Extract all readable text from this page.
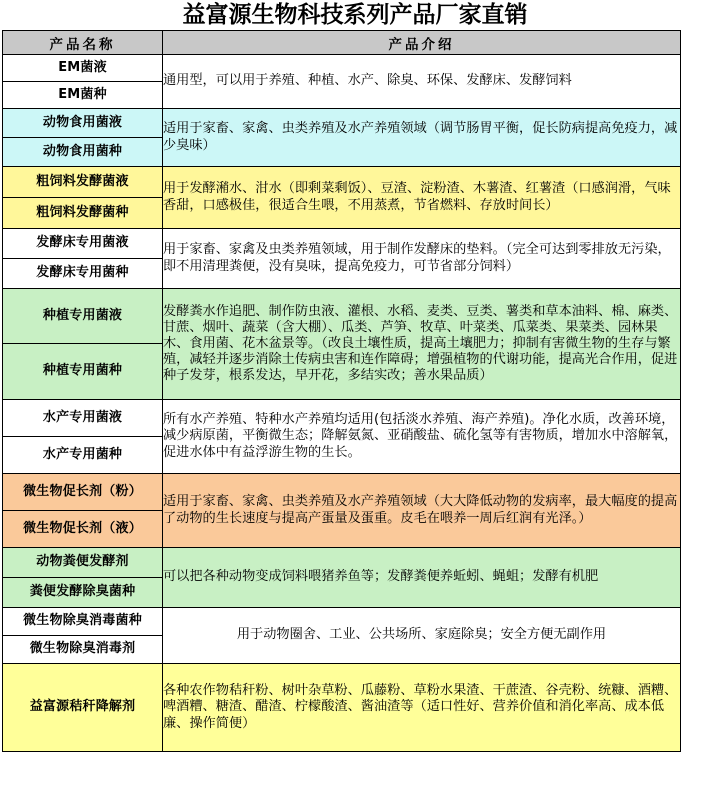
益富源生物科技系列产品厂家直销
产品名称	产品介绍
EM菌液	通用型，可以用于养殖、种植、水产、除臭、环保、发酵床、发酵饲料
EM菌种	
动物食用菌液	适用于家畜、家禽、虫类养殖及水产养殖领域（调节肠胃平衡，促长防病提高免疫力，减少臭味）
动物食用菌种	
粗饲料发酵菌液	用于发酵潲水、泔水（即剩菜剩饭）、豆渣、淀粉渣、木薯渣、红薯渣（口感润滑，气味香甜，口感极佳，很适合生喂，不用蒸煮，节省燃料、存放时间长）
粗饲料发酵菌种	
发酵床专用菌液	用于家畜、家禽及虫类养殖领域，用于制作发酵床的垫料。（完全可达到零排放无污染，即不用清理粪便，没有臭味，提高免疫力，可节省部分饲料）
发酵床专用菌种	
种植专用菌液	发酵粪水作追肥、制作防虫液、灌根、水稻、麦类、豆类、薯类和草本油料、棉、麻类、甘蔗、烟叶、蔬菜（含大棚）、瓜类、芦笋、牧草、叶菜类、瓜菜类、果菜类、园林果木、食用菌、花木盆景等。（改良土壤性质，提高土壤肥力；抑制有害微生物的生存与繁殖，减轻并逐步消除土传病虫害和连作障碍；增强植物的代谢功能，提高光合作用，促进种子发芽，根系发达，早开花，多结实改；善水果品质）
种植专用菌种	
水产专用菌液	所有水产养殖、特种水产养殖均适用(包括淡水养殖、海产养殖)。净化水质，改善环境，减少病原菌，平衡微生态；降解氨氮、亚硝酸盐、硫化氢等有害物质，增加水中溶解氧，促进水体中有益浮游生物的生长。
水产专用菌种	
微生物促长剂（粉）	适用于家畜、家禽、虫类养殖及水产养殖领域（大大降低动物的发病率，最大幅度的提高了动物的生长速度与提高产蛋量及蛋重。皮毛在喂养一周后红润有光泽。）
微生物促长剂（液）	
动物粪便发酵剂	可以把各种动物变成饲料喂猪养鱼等；发酵粪便养蚯蚓、蝇蛆；发酵有机肥
粪便发酵除臭菌种	
微生物除臭消毒菌种	用于动物圈舍、工业、公共场所、家庭除臭；安全方便无副作用
微生物除臭消毒剂	
益富源秸秆降解剂	各种农作物秸秆粉、树叶杂草粉、瓜藤粉、草粉水果渣、干蔗渣、谷壳粉、统糠、酒糟、啤酒糟、糖渣、醋渣、柠檬酸渣、酱油渣等（适口性好、营养价值和消化率高、成本低廉、操作简便）
